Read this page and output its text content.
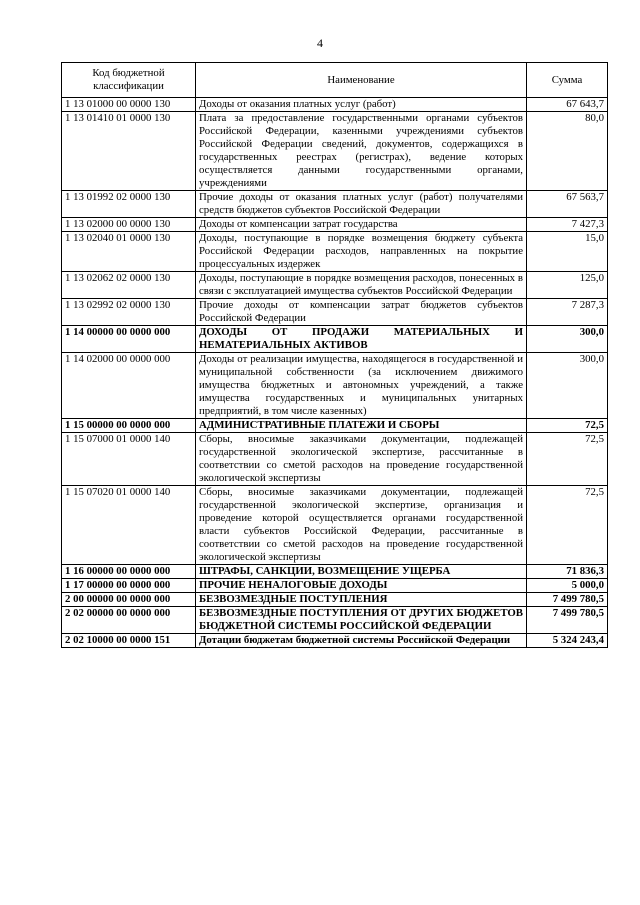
4
Код бюджетной классификации	Наименование	Сумма
1 13 01000 00 0000 130	Доходы от оказания платных услуг (работ)	67 643,7
1 13 01410 01 0000 130	Плата за предоставление государственными органами субъектов Российской Федерации, казенными учреждениями субъектов Российской Федерации сведений, документов, содержащихся в государственных реестрах (регистрах), ведение которых осуществляется данными государственными органами, учреждениями	80,0
1 13 01992 02 0000 130	Прочие доходы от оказания платных услуг (работ) получателями средств бюджетов субъектов Российской Федерации	67 563,7
1 13 02000 00 0000 130	Доходы от компенсации затрат государства	7 427,3
1 13 02040 01 0000 130	Доходы, поступающие в порядке возмещения бюджету субъекта Российской Федерации расходов, направленных на покрытие процессуальных издержек	15,0
1 13 02062 02 0000 130	Доходы, поступающие в порядке возмещения расходов, понесенных в связи с эксплуатацией имущества субъектов Российской Федерации	125,0
1 13 02992 02 0000 130	Прочие доходы от компенсации затрат бюджетов субъектов Российской Федерации	7 287,3
1 14 00000 00 0000 000	ДОХОДЫ ОТ ПРОДАЖИ МАТЕРИАЛЬНЫХ И НЕМАТЕРИАЛЬНЫХ АКТИВОВ	300,0
1 14 02000 00 0000 000	Доходы от реализации имущества, находящегося в государственной и муниципальной собственности (за исключением движимого имущества бюджетных и автономных учреждений, а также имущества государственных и муниципальных унитарных предприятий, в том числе казенных)	300,0
1 15 00000 00 0000 000	АДМИНИСТРАТИВНЫЕ ПЛАТЕЖИ И СБОРЫ	72,5
1 15 07000 01 0000 140	Сборы, вносимые заказчиками документации, подлежащей государственной экологической экспертизе, рассчитанные в соответствии со сметой расходов на проведение государственной экологической экспертизы	72,5
1 15 07020 01 0000 140	Сборы, вносимые заказчиками документации, подлежащей государственной экологической экспертизе, организация и проведение которой осуществляется органами государственной власти субъектов Российской Федерации, рассчитанные в соответствии со сметой расходов на проведение государственной экологической экспертизы	72,5
1 16 00000 00 0000 000	ШТРАФЫ, САНКЦИИ, ВОЗМЕЩЕНИЕ УЩЕРБА	71 836,3
1 17 00000 00 0000 000	ПРОЧИЕ НЕНАЛОГОВЫЕ ДОХОДЫ	5 000,0
2 00 00000 00 0000 000	БЕЗВОЗМЕЗДНЫЕ ПОСТУПЛЕНИЯ	7 499 780,5
2 02 00000 00 0000 000	БЕЗВОЗМЕЗДНЫЕ ПОСТУПЛЕНИЯ ОТ ДРУГИХ БЮДЖЕТОВ БЮДЖЕТНОЙ СИСТЕМЫ РОССИЙСКОЙ ФЕДЕРАЦИИ	7 499 780,5
2 02 10000 00 0000 151	Дотации бюджетам бюджетной системы Российской Федерации	5 324 243,4
